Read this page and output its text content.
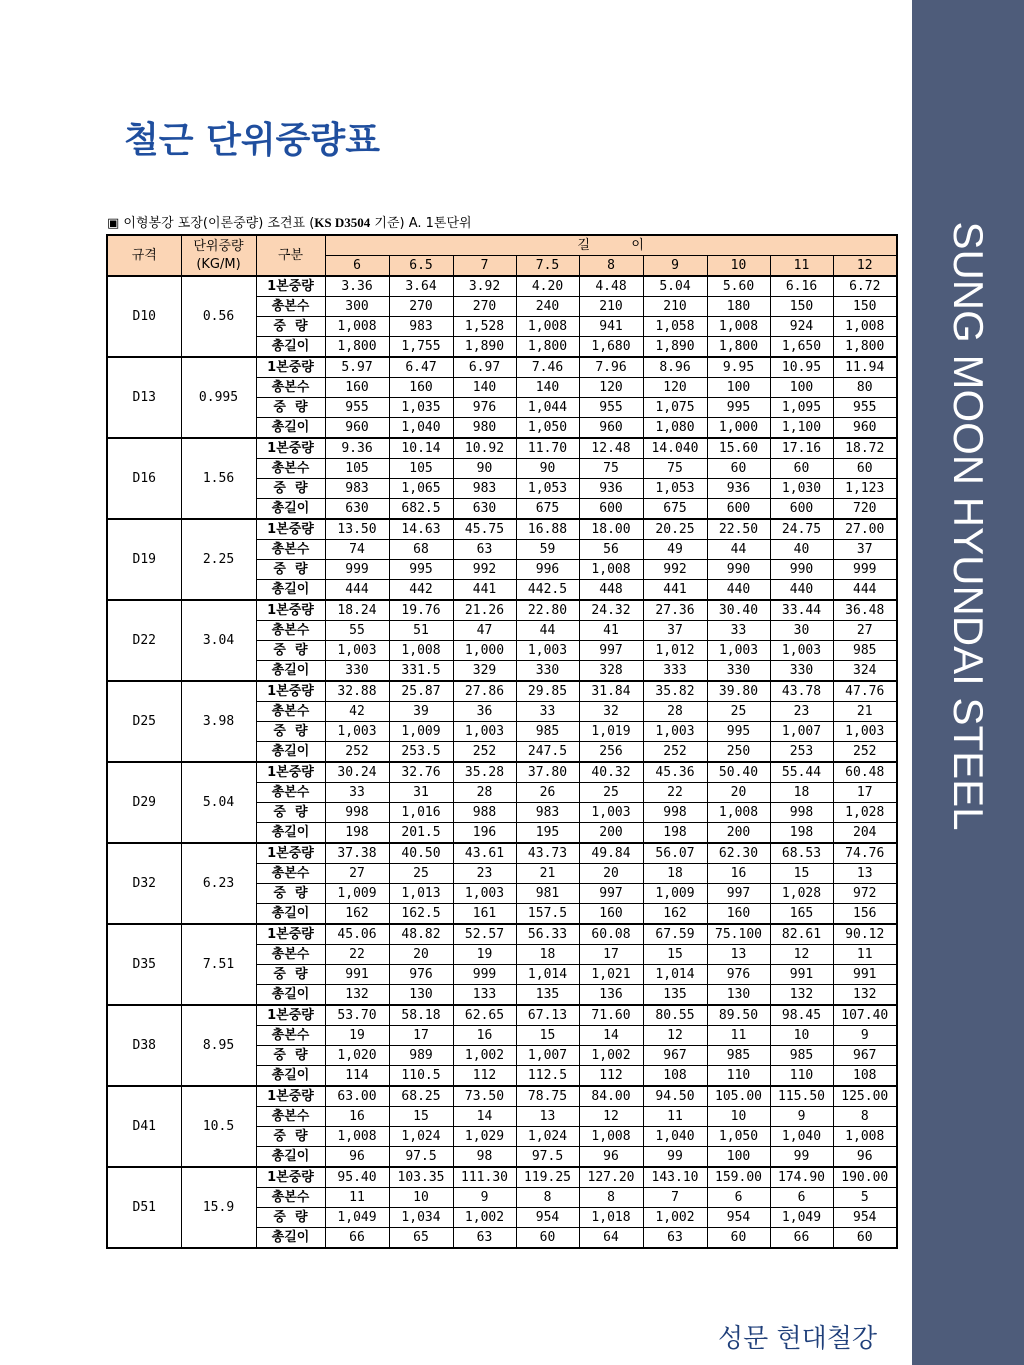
SUNG MOON HYUNDAI STEEL
철근 단위중량표
▣ 이형봉강 포장(이론중량) 조견표 (KS D3504 기준) A. 1톤단위
규격	단위중량
(KG/M)	구분	길          이								
			6	6.5	7	7.5	8	9	10	11	12
D10	0.56	1본중량	3.36	3.64	3.92	4.20	4.48	5.04	5.60	6.16	6.72
		총본수	300	270	270	240	210	210	180	150	150
		중  량	1,008	983	1,528	1,008	941	1,058	1,008	924	1,008
		총길이	1,800	1,755	1,890	1,800	1,680	1,890	1,800	1,650	1,800
D13	0.995	1본중량	5.97	6.47	6.97	7.46	7.96	8.96	9.95	10.95	11.94
		총본수	160	160	140	140	120	120	100	100	80
		중  량	955	1,035	976	1,044	955	1,075	995	1,095	955
		총길이	960	1,040	980	1,050	960	1,080	1,000	1,100	960
D16	1.56	1본중량	9.36	10.14	10.92	11.70	12.48	14.040	15.60	17.16	18.72
		총본수	105	105	90	90	75	75	60	60	60
		중  량	983	1,065	983	1,053	936	1,053	936	1,030	1,123
		총길이	630	682.5	630	675	600	675	600	600	720
D19	2.25	1본중량	13.50	14.63	45.75	16.88	18.00	20.25	22.50	24.75	27.00
		총본수	74	68	63	59	56	49	44	40	37
		중  량	999	995	992	996	1,008	992	990	990	999
		총길이	444	442	441	442.5	448	441	440	440	444
D22	3.04	1본중량	18.24	19.76	21.26	22.80	24.32	27.36	30.40	33.44	36.48
		총본수	55	51	47	44	41	37	33	30	27
		중  량	1,003	1,008	1,000	1,003	997	1,012	1,003	1,003	985
		총길이	330	331.5	329	330	328	333	330	330	324
D25	3.98	1본중량	32.88	25.87	27.86	29.85	31.84	35.82	39.80	43.78	47.76
		총본수	42	39	36	33	32	28	25	23	21
		중  량	1,003	1,009	1,003	985	1,019	1,003	995	1,007	1,003
		총길이	252	253.5	252	247.5	256	252	250	253	252
D29	5.04	1본중량	30.24	32.76	35.28	37.80	40.32	45.36	50.40	55.44	60.48
		총본수	33	31	28	26	25	22	20	18	17
		중  량	998	1,016	988	983	1,003	998	1,008	998	1,028
		총길이	198	201.5	196	195	200	198	200	198	204
D32	6.23	1본중량	37.38	40.50	43.61	43.73	49.84	56.07	62.30	68.53	74.76
		총본수	27	25	23	21	20	18	16	15	13
		중  량	1,009	1,013	1,003	981	997	1,009	997	1,028	972
		총길이	162	162.5	161	157.5	160	162	160	165	156
D35	7.51	1본중량	45.06	48.82	52.57	56.33	60.08	67.59	75.100	82.61	90.12
		총본수	22	20	19	18	17	15	13	12	11
		중  량	991	976	999	1,014	1,021	1,014	976	991	991
		총길이	132	130	133	135	136	135	130	132	132
D38	8.95	1본중량	53.70	58.18	62.65	67.13	71.60	80.55	89.50	98.45	107.40
		총본수	19	17	16	15	14	12	11	10	9
		중  량	1,020	989	1,002	1,007	1,002	967	985	985	967
		총길이	114	110.5	112	112.5	112	108	110	110	108
D41	10.5	1본중량	63.00	68.25	73.50	78.75	84.00	94.50	105.00	115.50	125.00
		총본수	16	15	14	13	12	11	10	9	8
		중  량	1,008	1,024	1,029	1,024	1,008	1,040	1,050	1,040	1,008
		총길이	96	97.5	98	97.5	96	99	100	99	96
D51	15.9	1본중량	95.40	103.35	111.30	119.25	127.20	143.10	159.00	174.90	190.00
		총본수	11	10	9	8	8	7	6	6	5
		중  량	1,049	1,034	1,002	954	1,018	1,002	954	1,049	954
		총길이	66	65	63	60	64	63	60	66	60
성문 현대철강
